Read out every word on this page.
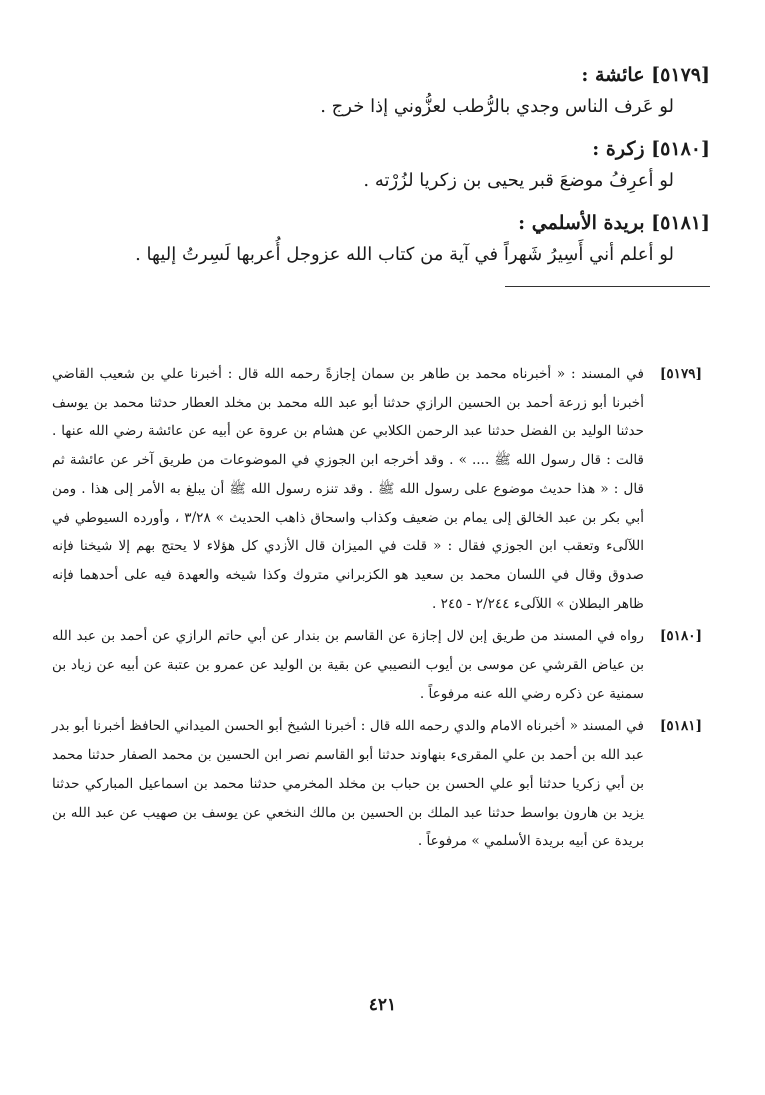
[٥١٧٩] عائشة :
لو عَرف الناس وجدي بالرُّطب لعزُّوني إذا خرج .
[٥١٨٠] زكرة :
لو أعرِفُ موضعَ قبر يحيى بن زكريا لزُرْته .
[٥١٨١] بريدة الأسلمي :
لو أعلم أني أَسِيرُ شَهراً في آية من كتاب الله عزوجل أُعربها لَسِرتُ إليها .
[٥١٧٩]
في المسند : « أخبرناه محمد بن طاهر بن سمان إجازةً رحمه الله قال : أخبرنا علي بن شعيب القاضي أخبرنا أبو زرعة أحمد بن الحسين الرازي حدثنا أبو عبد الله محمد بن مخلد العطار حدثنا محمد بن يوسف حدثنا الوليد بن الفضل حدثنا عبد الرحمن الكلابي عن هشام بن عروة عن أبيه عن عائشة رضي الله عنها . قالت : قال رسول الله ﷺ .... » . وقد أخرجه ابن الجوزي في الموضوعات من طريق آخر عن عائشة ثم قال : « هذا حديث موضوع على رسول الله ﷺ . وقد تنزه رسول الله ﷺ أن يبلغ به الأمر إلى هذا . ومن أبي بكر بن عبد الخالق إلى يمام بن ضعيف وكذاب واسحاق ذاهب الحديث » ٣/٢٨ ، وأورده السيوطي في اللآلىء وتعقب ابن الجوزي فقال : « قلت في الميزان قال الأزدي كل هؤلاء لا يحتج بهم إلا شيخنا فإنه صدوق وقال في اللسان محمد بن سعيد هو الكزبراني متروك وكذا شيخه والعهدة فيه على أحدهما فإنه ظاهر البطلان » اللآلىء ٢/٢٤٤ - ٢٤٥ .
[٥١٨٠]
رواه في المسند من طريق إبن لال إجازة عن القاسم بن بندار عن أبي حاتم الرازي عن أحمد بن عبد الله بن عياض القرشي عن موسى بن أيوب النصيبي عن بقية بن الوليد عن عمرو بن عتبة عن أبيه عن زياد بن سمنية عن ذكره رضي الله عنه مرفوعاً .
[٥١٨١]
في المسند « أخبرناه الامام والدي رحمه الله قال : أخبرنا الشيخ أبو الحسن الميداني الحافظ أخبرنا أبو بدر عبد الله بن أحمد بن علي المقرىء بنهاوند حدثنا أبو القاسم نصر ابن الحسين بن محمد الصفار حدثنا محمد بن أبي زكريا حدثنا أبو علي الحسن بن حباب بن مخلد المخرمي حدثنا محمد بن اسماعيل المباركي حدثنا يزيد بن هارون بواسط حدثنا عبد الملك بن الحسين بن مالك النخعي عن يوسف بن صهيب عن عبد الله بن بريدة عن أبيه بريدة الأسلمي » مرفوعاً .
٤٢١
